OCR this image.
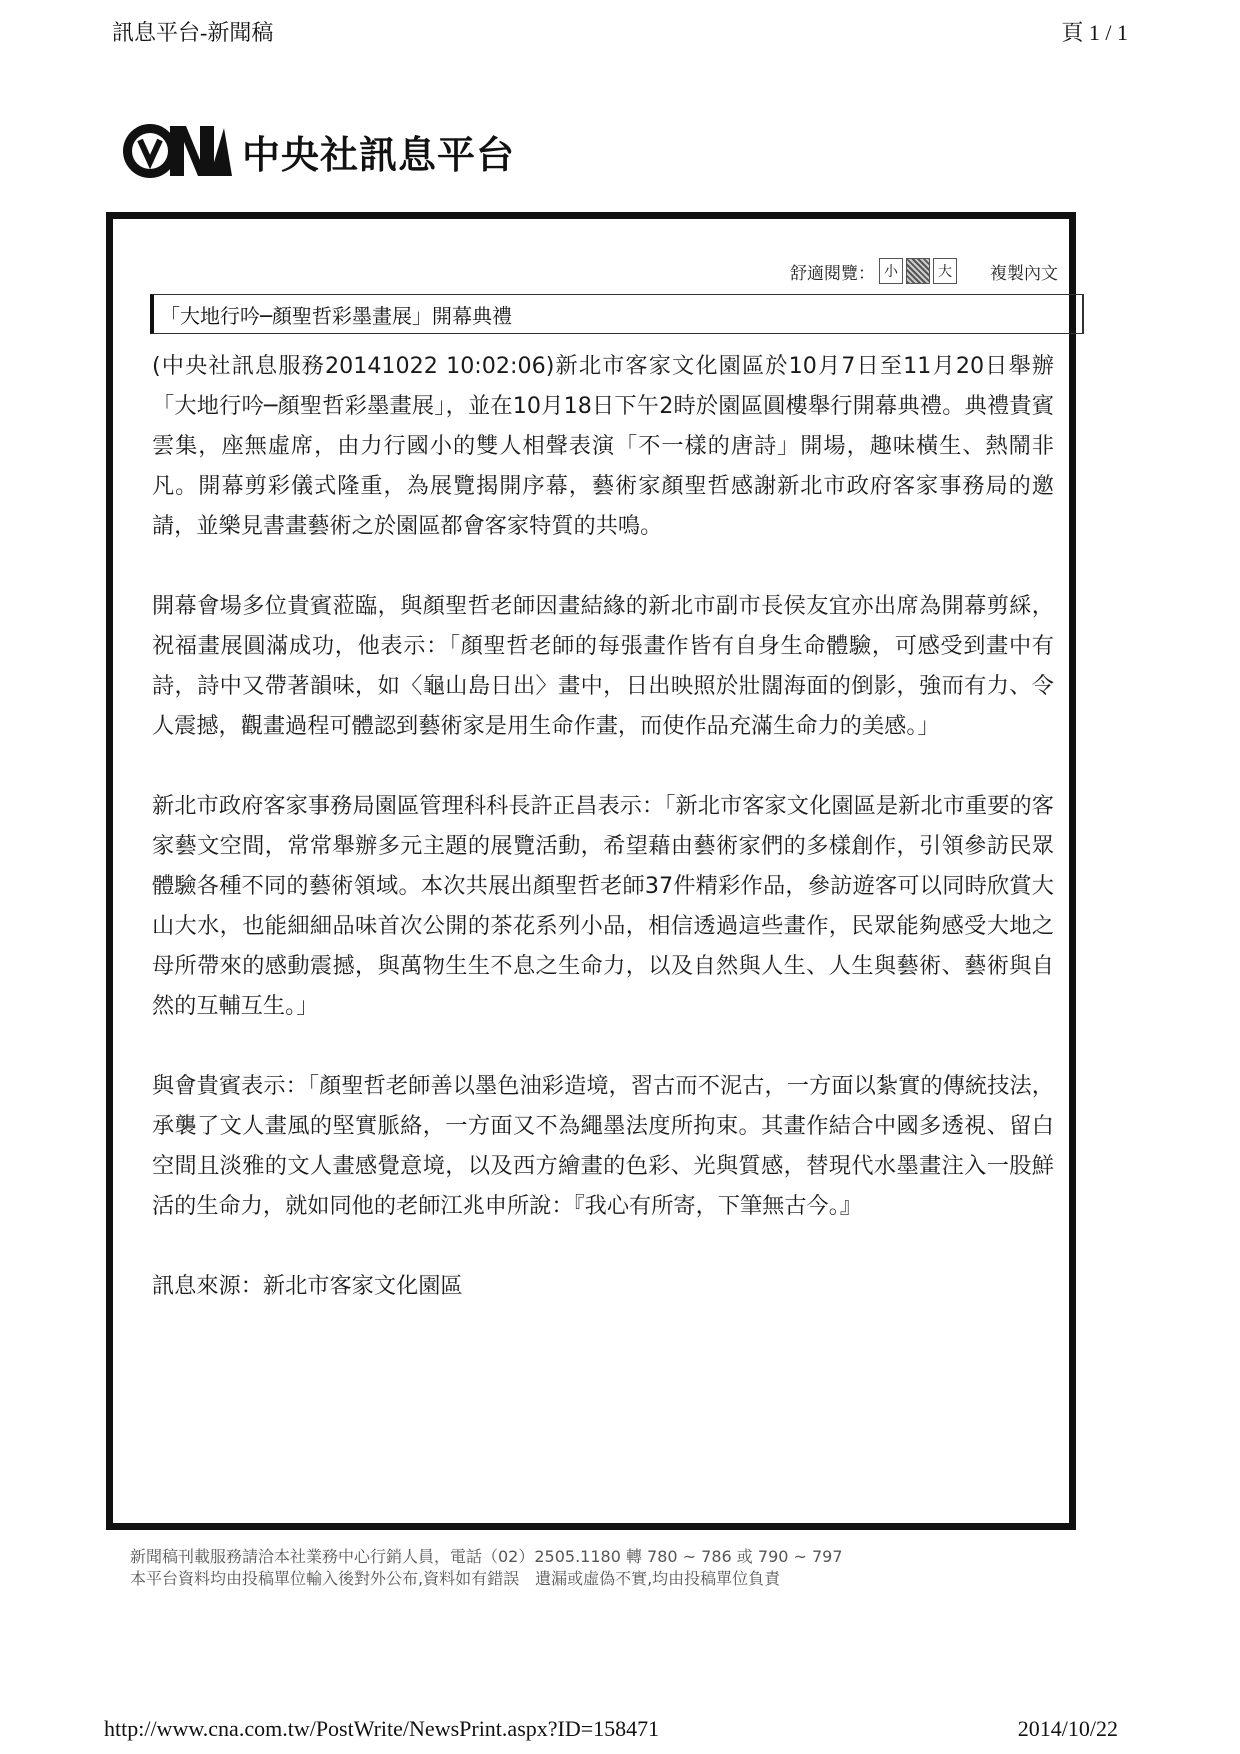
訊息平台-新聞稿	頁 1 / 1
中央社訊息平台
舒適閱覽： 小	大 複製內文
「大地行吟─顏聖哲彩墨畫展」開幕典禮

(中央社訊息服務20141022 10:02:06)新北市客家文化園區於10月7日至11月20日舉辦「大地行吟─顏聖哲彩墨畫展」，並在10月18日下午2時於園區圓樓舉行開幕典禮。典禮貴賓雲集，座無虛席，由力行國小的雙人相聲表演「不一樣的唐詩」開場，趣味橫生、熱鬧非凡。開幕剪彩儀式隆重，為展覽揭開序幕，藝術家顏聖哲感謝新北市政府客家事務局的邀請，並樂見書畫藝術之於園區都會客家特質的共鳴。

開幕會場多位貴賓蒞臨，與顏聖哲老師因畫結緣的新北市副市長侯友宜亦出席為開幕剪綵，祝福畫展圓滿成功，他表示：「顏聖哲老師的每張畫作皆有自身生命體驗，可感受到畫中有詩，詩中又帶著韻味，如〈龜山島日出〉畫中，日出映照於壯闊海面的倒影，強而有力、令人震撼，觀畫過程可體認到藝術家是用生命作畫，而使作品充滿生命力的美感。」

新北市政府客家事務局園區管理科科長許正昌表示：「新北市客家文化園區是新北市重要的客家藝文空間，常常舉辦多元主題的展覽活動，希望藉由藝術家們的多樣創作，引領參訪民眾體驗各種不同的藝術領域。本次共展出顏聖哲老師37件精彩作品，參訪遊客可以同時欣賞大山大水，也能細細品味首次公開的茶花系列小品，相信透過這些畫作，民眾能夠感受大地之母所帶來的感動震撼，與萬物生生不息之生命力，以及自然與人生、人生與藝術、藝術與自然的互輔互生。」

與會貴賓表示：「顏聖哲老師善以墨色油彩造境，習古而不泥古，一方面以紮實的傳統技法，承襲了文人畫風的堅實脈絡，一方面又不為繩墨法度所拘束。其畫作結合中國多透視、留白空間且淡雅的文人畫感覺意境，以及西方繪畫的色彩、光與質感，替現代水墨畫注入一股鮮活的生命力，就如同他的老師江兆申所說：『我心有所寄，下筆無古今。』

訊息來源：新北市客家文化園區

新聞稿刊載服務請洽本社業務中心行銷人員，電話（02）2505.1180 轉 780 ~ 786 或 790 ~ 797
本平台資料均由投稿單位輸入後對外公布,資料如有錯誤　遺漏或虛偽不實,均由投稿單位負責
http://www.cna.com.tw/PostWrite/NewsPrint.aspx?ID=158471	2014/10/22
